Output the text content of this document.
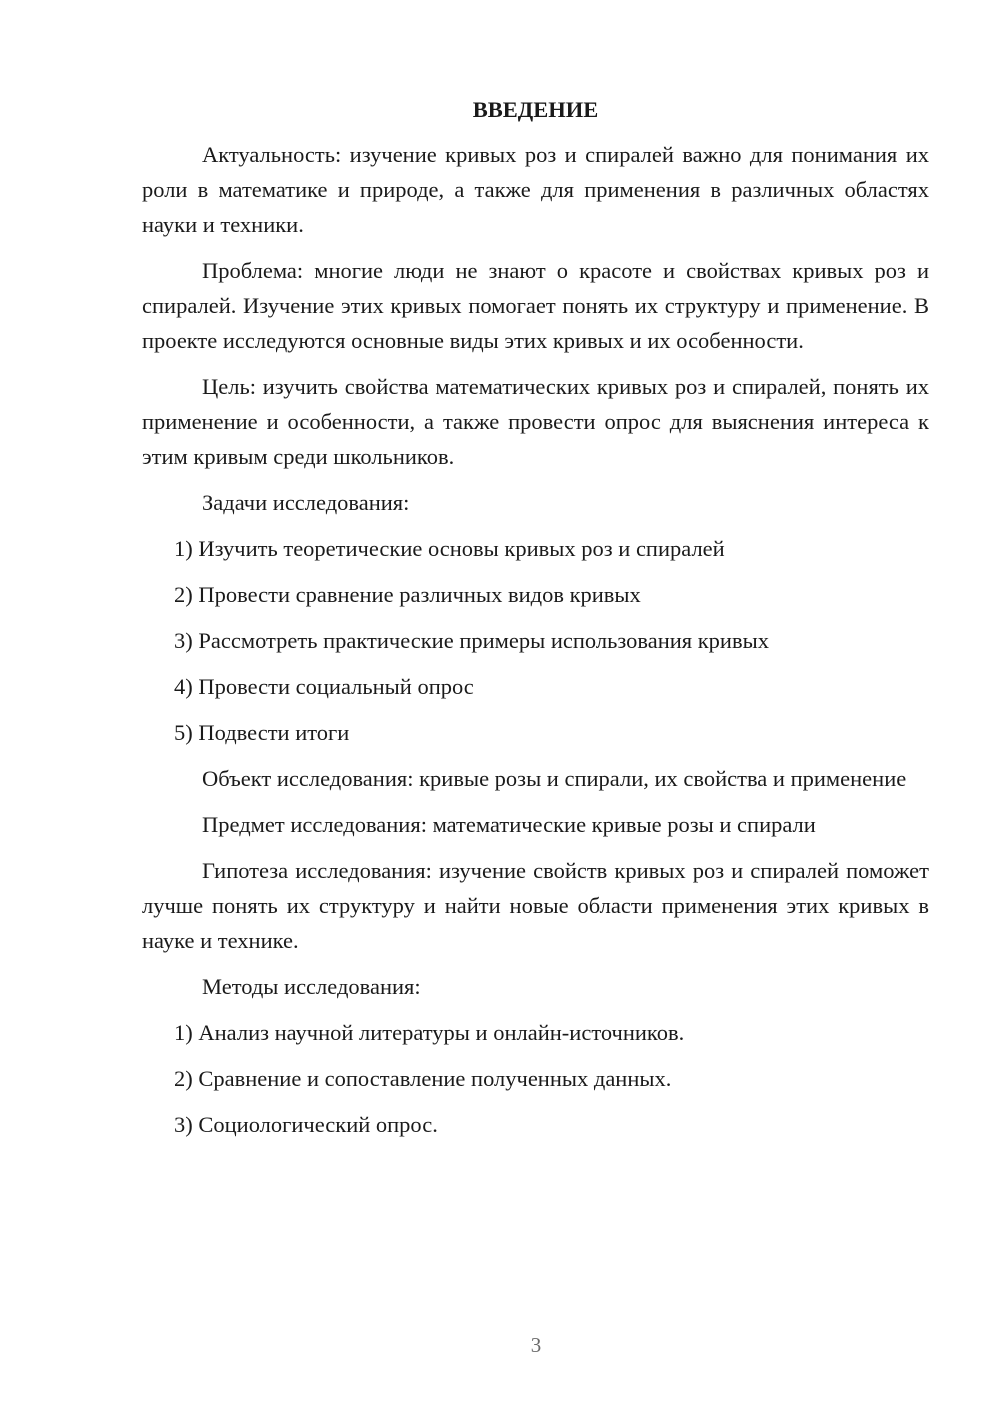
ВВЕДЕНИЕ

Актуальность: изучение кривых роз и спиралей важно для понимания их роли в математике и природе, а также для применения в различных областях науки и техники.

Проблема: многие люди не знают о красоте и свойствах кривых роз и спиралей. Изучение этих кривых помогает понять их структуру и применение. В проекте исследуются основные виды этих кривых и их особенности.

Цель: изучить свойства математических кривых роз и спиралей, понять их применение и особенности, а также провести опрос для выяснения интереса к этим кривым среди школьников.

Задачи исследования:

1) Изучить теоретические основы кривых роз и спиралей

2) Провести сравнение различных видов кривых

3) Рассмотреть практические примеры использования кривых

4) Провести социальный опрос

5) Подвести итоги

Объект исследования: кривые розы и спирали, их свойства и применение

Предмет исследования: математические кривые розы и спирали

Гипотеза исследования: изучение свойств кривых роз и спиралей поможет лучше понять их структуру и найти новые области применения этих кривых в науке и технике.

Методы исследования:

1) Анализ научной литературы и онлайн-источников.

2) Сравнение и сопоставление полученных данных.

3) Социологический опрос.

3
